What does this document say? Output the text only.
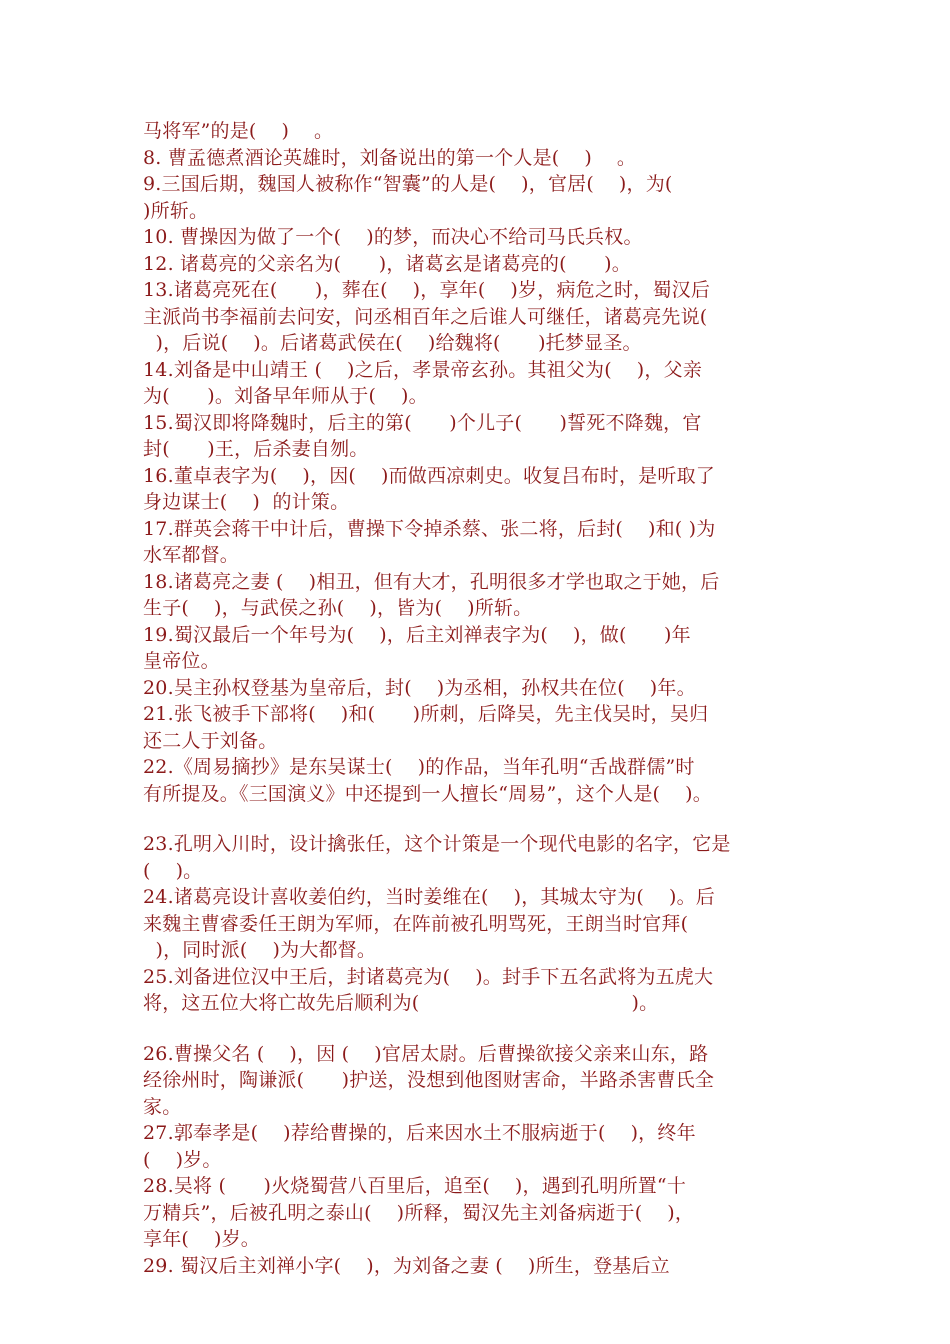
马将军”的是(    )    。
8. 曹孟德煮酒论英雄时，刘备说出的第一个人是(    )    。
9.三国后期，魏国人被称作“智囊”的人是(    )，官居(    )，为(
)所斩。
10. 曹操因为做了一个(    )的梦，而决心不给司马氏兵权。
12. 诸葛亮的父亲名为(      )，诸葛玄是诸葛亮的(      )。
13.诸葛亮死在(      )，葬在(    )，享年(    )岁，病危之时，蜀汉后
主派尚书李福前去问安，问丞相百年之后谁人可继任，诸葛亮先说(
)，后说(    )。后诸葛武侯在(    )给魏将(      )托梦显圣。
14.刘备是中山靖王 (    )之后，孝景帝玄孙。其祖父为(    )，父亲
为(      )。刘备早年师从于(    )。
15.蜀汉即将降魏时，后主的第(      )个儿子(      )誓死不降魏，官
封(      )王，后杀妻自刎。
16.董卓表字为(    )，因(    )而做西凉刺史。收复吕布时，是听取了
身边谋士(    )  的计策。
17.群英会蒋干中计后，曹操下令掉杀蔡、张二将，后封(    )和( )为
水军都督。
18.诸葛亮之妻 (    )相丑，但有大才，孔明很多才学也取之于她，后
生子(    )，与武侯之孙(    )，皆为(    )所斩。
19.蜀汉最后一个年号为(    )，后主刘禅表字为(    )，做(      )年
皇帝位。
20.吴主孙权登基为皇帝后，封(    )为丞相，孙权共在位(    )年。
21.张飞被手下部将(    )和(      )所刺，后降吴，先主伐吴时，吴归
还二人于刘备。
22.《周易摘抄》是东吴谋士(    )的作品，当年孔明“舌战群儒”时
有所提及。《三国演义》中还提到一人擅长“周易”，这个人是(    )。
23.孔明入川时，设计擒张任，这个计策是一个现代电影的名字，它是
(    )。
24.诸葛亮设计喜收姜伯约，当时姜维在(    )，其城太守为(    )。后
来魏主曹睿委任王朗为军师，在阵前被孔明骂死，王朗当时官拜(
)，同时派(    )为大都督。
25.刘备进位汉中王后，封诸葛亮为(    )。封手下五名武将为五虎大
将，这五位大将亡故先后顺利为(                                  )。
26.曹操父名 (    )，因 (    )官居太尉。后曹操欲接父亲来山东，路
经徐州时，陶谦派(      )护送，没想到他图财害命，半路杀害曹氏全
家。
27.郭奉孝是(    )荐给曹操的，后来因水土不服病逝于(    )，终年
(    )岁。
28.吴将 (      )火烧蜀营八百里后，追至(    )，遇到孔明所置“十
万精兵”，后被孔明之泰山(    )所释，蜀汉先主刘备病逝于(    )，
享年(    )岁。
29. 蜀汉后主刘禅小字(    )，为刘备之妻 (    )所生，登基后立
